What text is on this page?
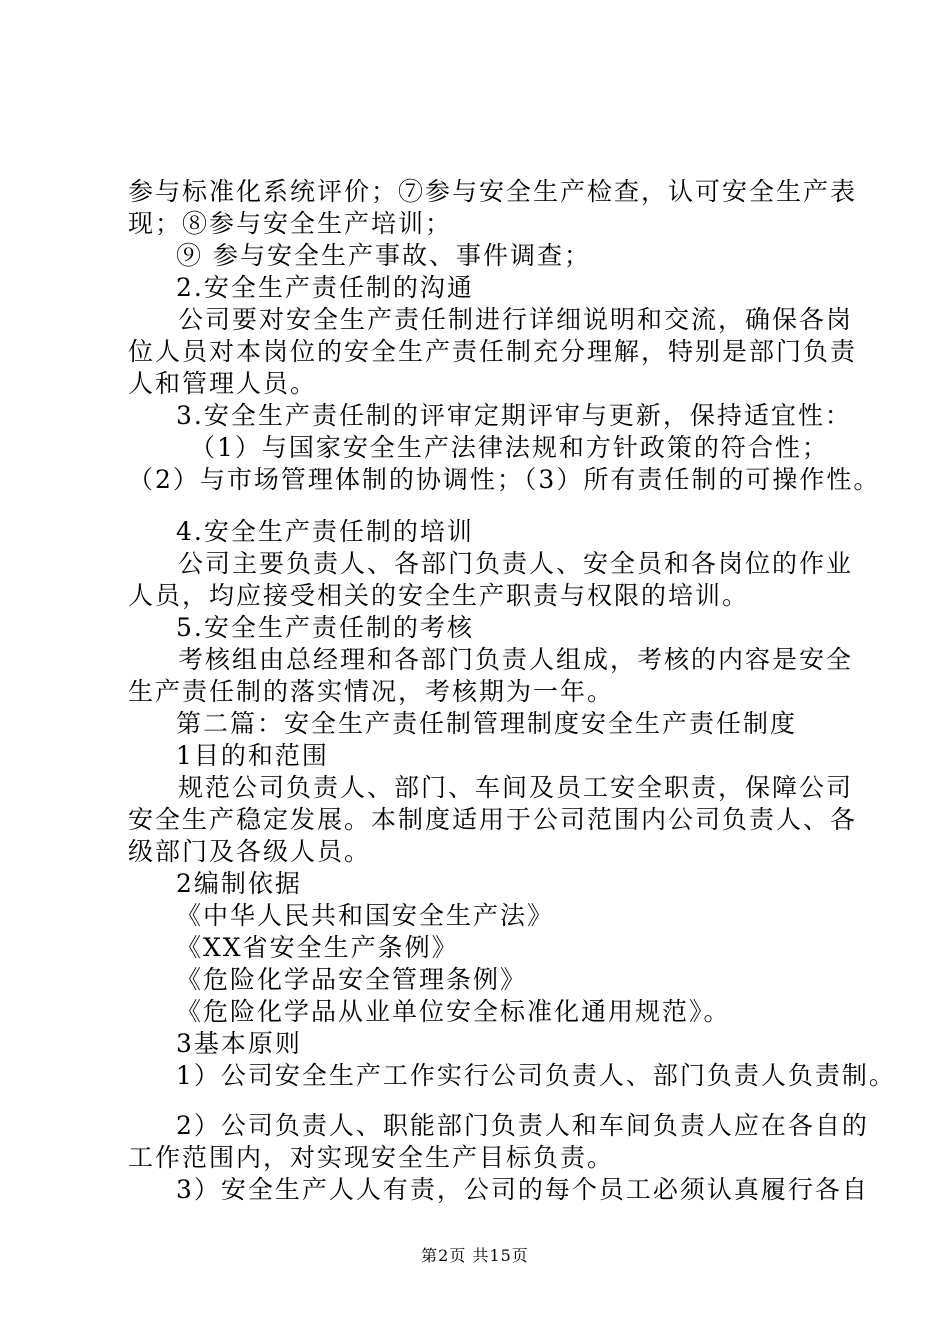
参与标准化系统评价；⑦参与安全生产检查，认可安全生产表
现；⑧参与安全生产培训；
⑨ 参与安全生产事故、事件调查；
2.安全生产责任制的沟通
公司要对安全生产责任制进行详细说明和交流，确保各岗
位人员对本岗位的安全生产责任制充分理解，特别是部门负责
人和管理人员。
3.安全生产责任制的评审定期评审与更新，保持适宜性：
（1）与国家安全生产法律法规和方针政策的符合性；
（2）与市场管理体制的协调性；（3）所有责任制的可操作性。
4.安全生产责任制的培训
公司主要负责人、各部门负责人、安全员和各岗位的作业
人员，均应接受相关的安全生产职责与权限的培训。
5.安全生产责任制的考核
考核组由总经理和各部门负责人组成，考核的内容是安全
生产责任制的落实情况，考核期为一年。
第二篇：安全生产责任制管理制度安全生产责任制度
1目的和范围
规范公司负责人、部门、车间及员工安全职责，保障公司
安全生产稳定发展。本制度适用于公司范围内公司负责人、各
级部门及各级人员。
2编制依据
《中华人民共和国安全生产法》
《XX省安全生产条例》
《危险化学品安全管理条例》
《危险化学品从业单位安全标准化通用规范》。
3基本原则
1）公司安全生产工作实行公司负责人、部门负责人负责制。
2）公司负责人、职能部门负责人和车间负责人应在各自的
工作范围内，对实现安全生产目标负责。
3）安全生产人人有责，公司的每个员工必须认真履行各自
第2页 共15页
